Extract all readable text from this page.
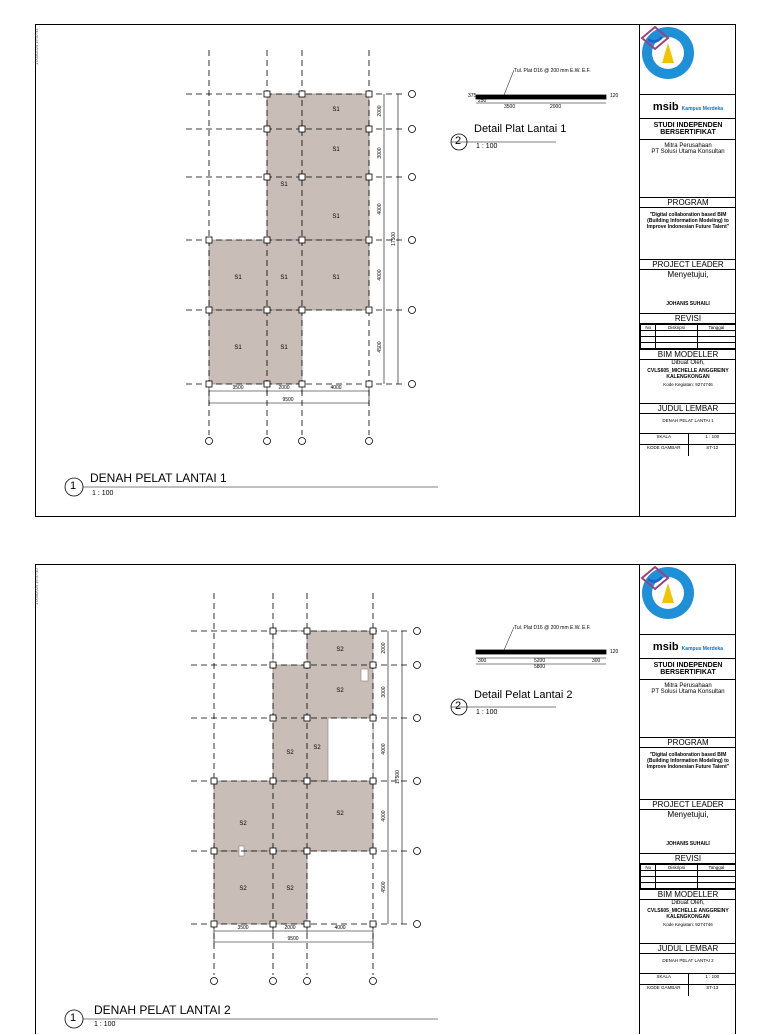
17/03/2024 15:37:41
S1
S1
S1
S1
S1	S1	S1
S1	S1
3500	2000	4000
9500
2000
3000
4000
4000
4500
17500
Tul. Plat D16 @ 200 mm E.W. E.F.
375
250
3500	2000
120
2
Detail Plat Lantai 1
1 : 100
1
DENAH PELAT LANTAI 1
1 : 100
msib Kampus Merdeka
STUDI INDEPENDEN BERSERTIFIKAT
Mitra Perusahaan
PT Solusi Utama Konsultan
PROGRAM
"Digital collaboration based BIM (Building Information Modeling) to Improve Indonesian Future Talent"
PROJECT LEADER
Menyetujui,
JOHANIS SUHAILI
REVISI
No	Diskripsi	Tanggal

BIM MODELLER
Dibuat Oleh,
CVLS605_MICHELLE ANGGREINY KALENGKONGAN
Kode Kegiatan: 9274746
JUDUL LEMBAR
DENAH PELAT LANTAI 1
SKALA	1 : 100
KODE GAMBAR	ST-12
17/03/2024 15:37:40
S2
S2
S2
S2
S2
S2
S2	S2
3500	2000	4000
9500
2000
3000
4000
4000
4500
17500
Tul. Plat D16 @ 200 mm E.W. E.F.
300	5200	300
5800
120
2
Detail Pelat Lantai 2
1 : 100
1
DENAH PELAT LANTAI 2
1 : 100
msib Kampus Merdeka
STUDI INDEPENDEN BERSERTIFIKAT
Mitra Perusahaan
PT Solusi Utama Konsultan
PROGRAM
"Digital collaboration based BIM (Building Information Modeling) to Improve Indonesian Future Talent"
PROJECT LEADER
Menyetujui,
JOHANIS SUHAILI
REVISI
No	Diskripsi	Tanggal

BIM MODELLER
Dibuat Oleh,
CVLS605_MICHELLE ANGGREINY KALENGKONGAN
Kode Kegiatan: 9274746
JUDUL LEMBAR
DENAH PELAT LANTAI 2
SKALA	1 : 100
KODE GAMBAR	ST-13
